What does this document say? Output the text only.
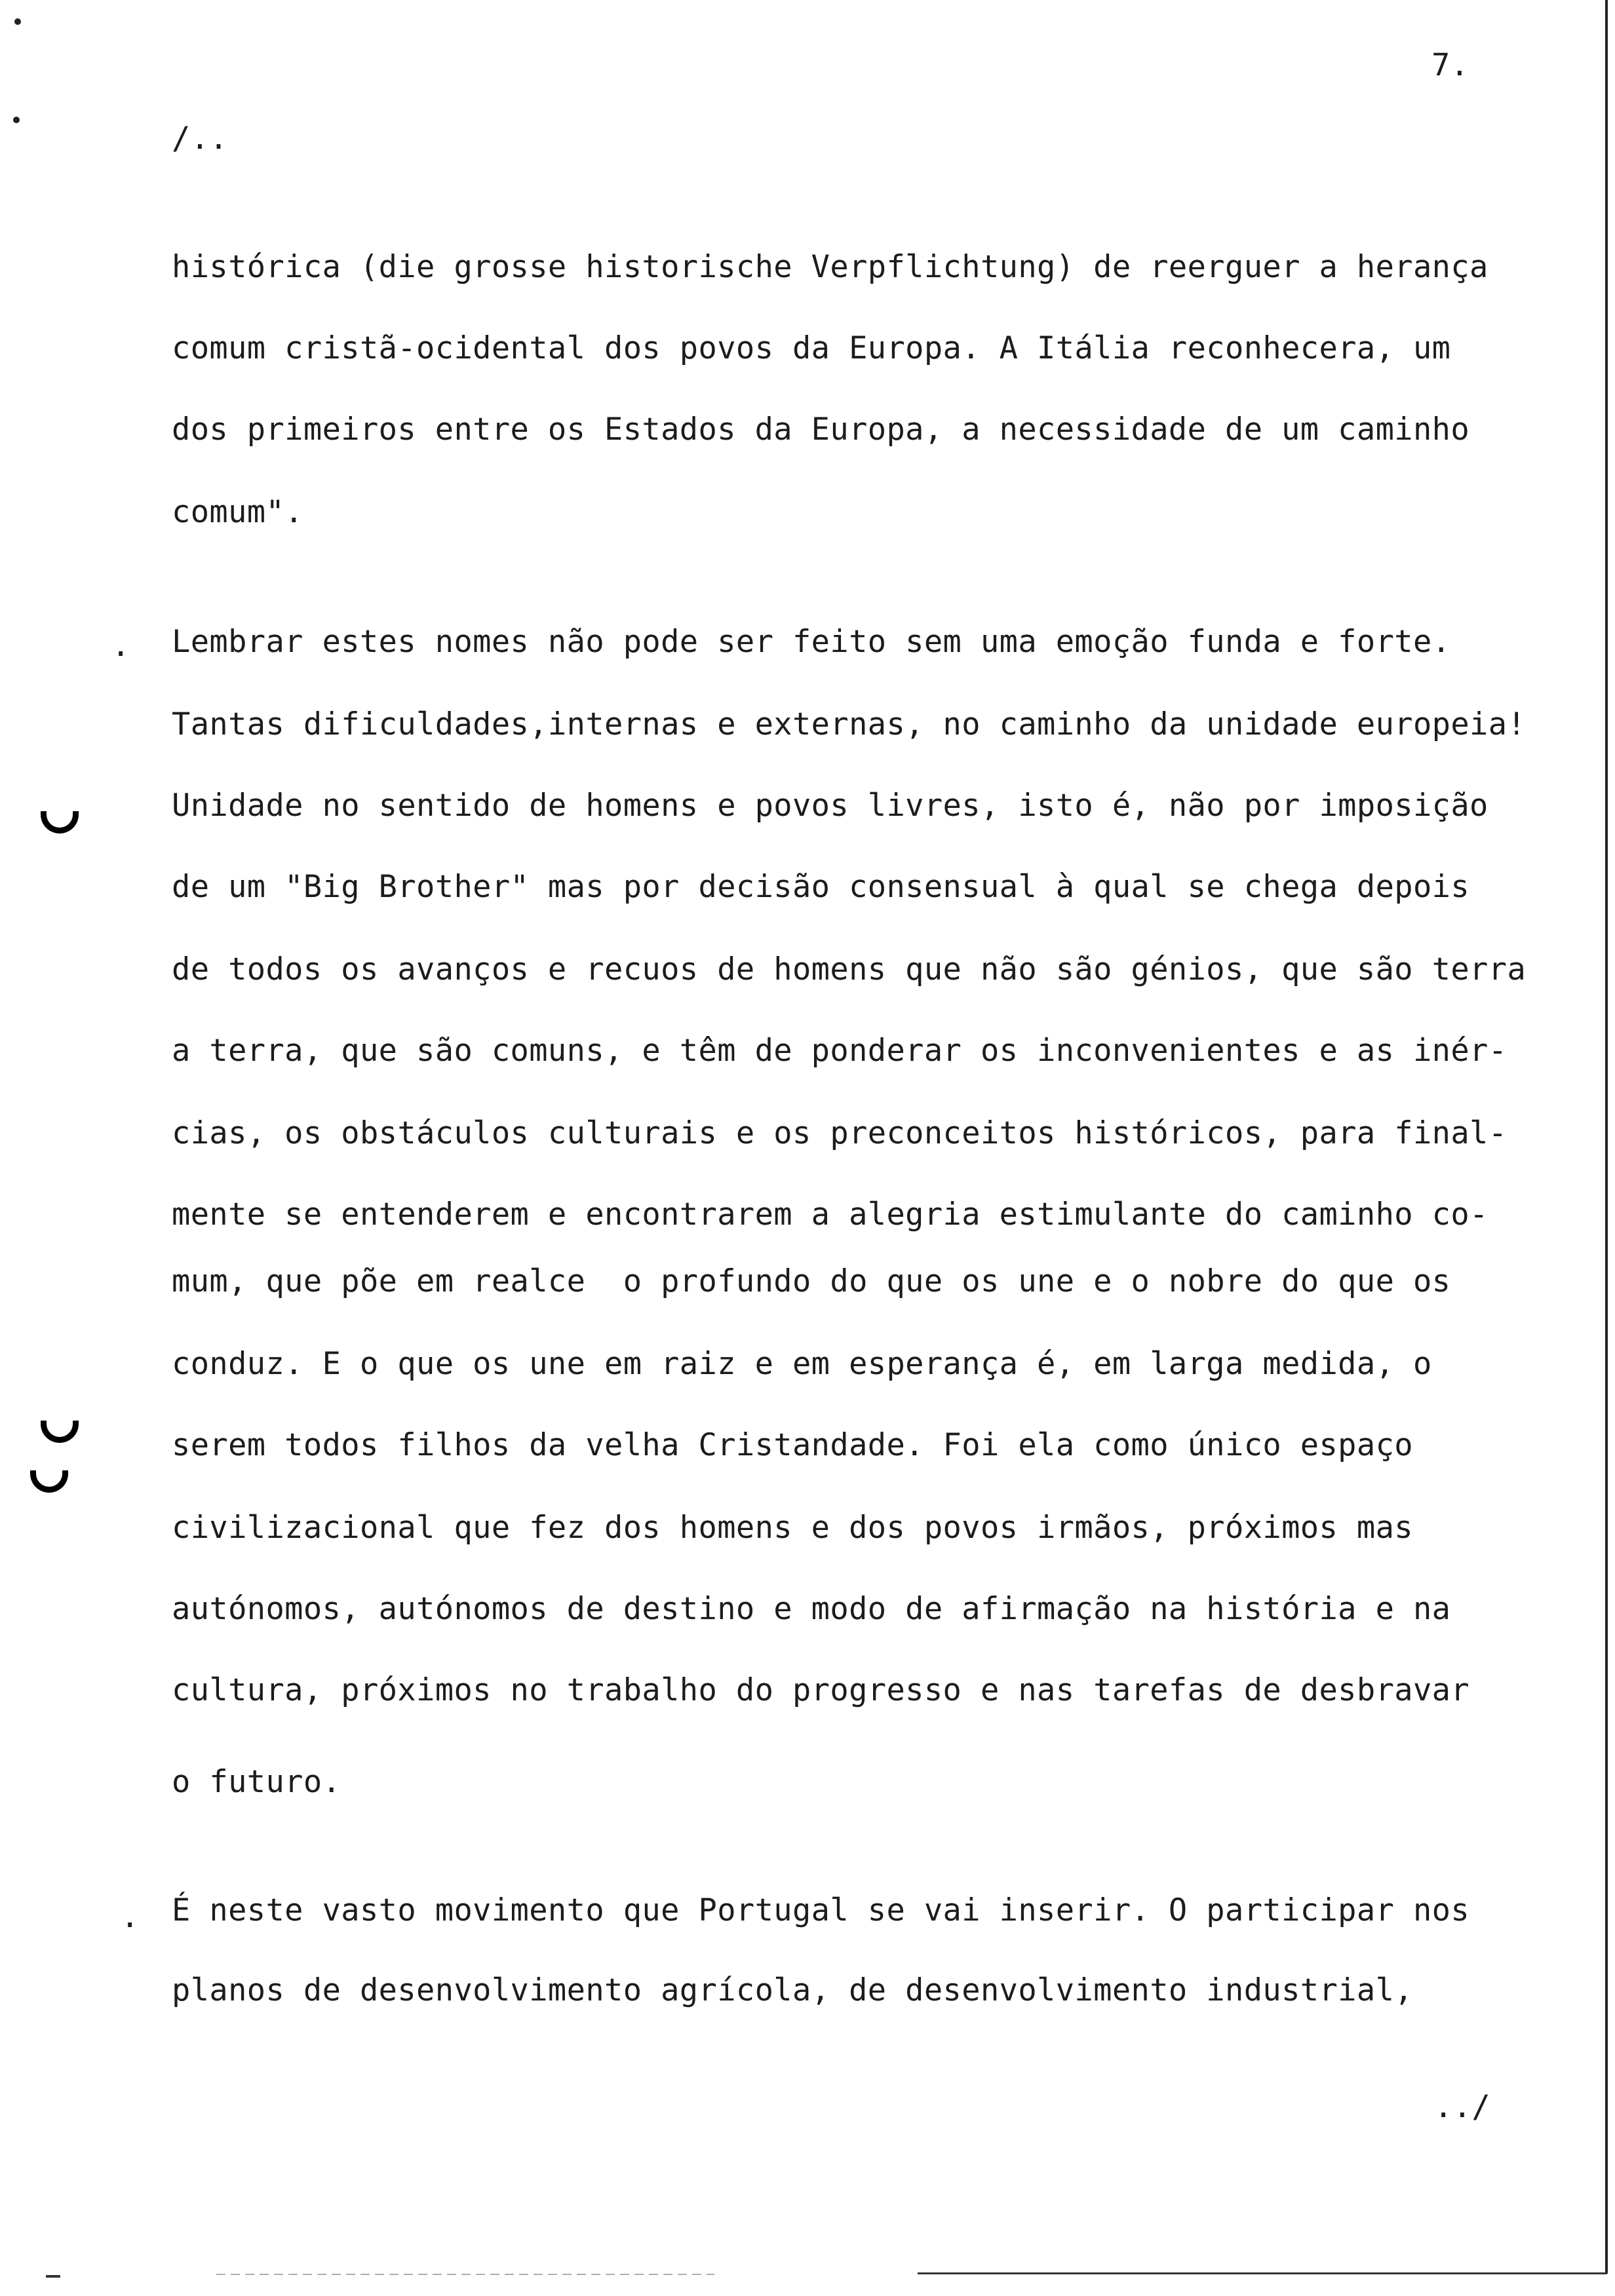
7.
/..
histórica (die grosse historische Verpflichtung) de reerguer a herança
comum cristã-ocidental dos povos da Europa. A Itália reconhecera, um
dos primeiros entre os Estados da Europa, a necessidade de um caminho
comum".
. Lembrar estes nomes não pode ser feito sem uma emoção funda e forte.
Tantas dificuldades,internas e externas, no caminho da unidade europeia!
Unidade no sentido de homens e povos livres, isto é, não por imposição
de um "Big Brother" mas por decisão consensual à qual se chega depois
de todos os avanços e recuos de homens que não são génios, que são terra
a terra, que são comuns, e têm de ponderar os inconvenientes e as inér-
cias, os obstáculos culturais e os preconceitos históricos, para final-
mente se entenderem e encontrarem a alegria estimulante do caminho co-
mum, que põe em realce  o profundo do que os une e o nobre do que os
conduz. E o que os une em raiz e em esperança é, em larga medida, o
serem todos filhos da velha Cristandade. Foi ela como único espaço
civilizacional que fez dos homens e dos povos irmãos, próximos mas
autónomos, autónomos de destino e modo de afirmação na história e na
cultura, próximos no trabalho do progresso e nas tarefas de desbravar
o futuro.
. É neste vasto movimento que Portugal se vai inserir. O participar nos
planos de desenvolvimento agrícola, de desenvolvimento industrial,
../
